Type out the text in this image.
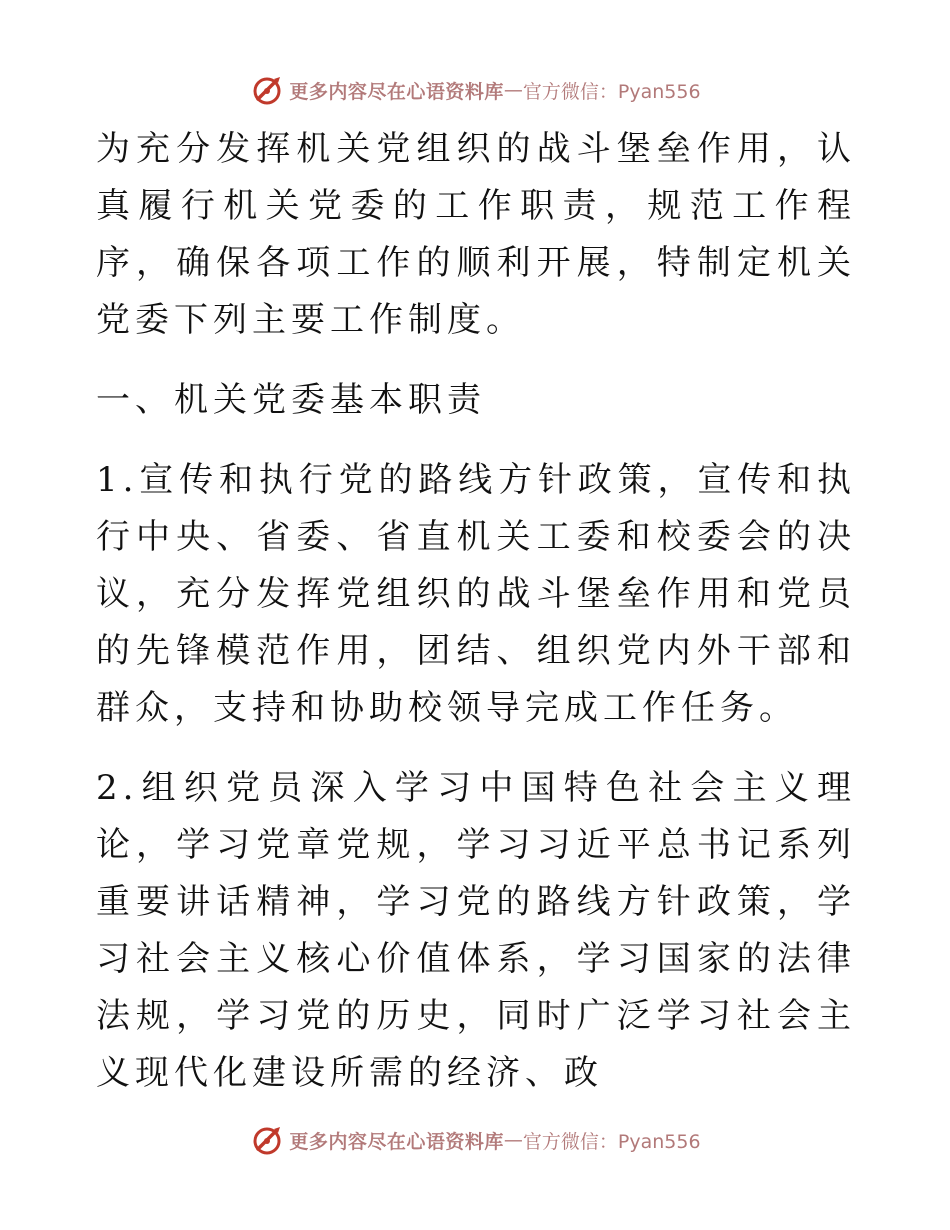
更多内容尽在心语资料库 — 官方微信：Pyan556

为充分发挥机关党组织的战斗堡垒作用，认真履行机关党委的工作职责，规范工作程序，确保各项工作的顺利开展，特制定机关党委下列主要工作制度。

一、机关党委基本职责

1.宣传和执行党的路线方针政策，宣传和执行中央、省委、省直机关工委和校委会的决议，充分发挥党组织的战斗堡垒作用和党员的先锋模范作用，团结、组织党内外干部和群众，支持和协助校领导完成工作任务。

2.组织党员深入学习中国特色社会主义理论，学习党章党规，学习习近平总书记系列重要讲话精神，学习党的路线方针政策，学习社会主义核心价值体系，学习国家的法律法规，学习党的历史，同时广泛学习社会主义现代化建设所需的经济、政

更多内容尽在心语资料库 — 官方微信：Pyan556
